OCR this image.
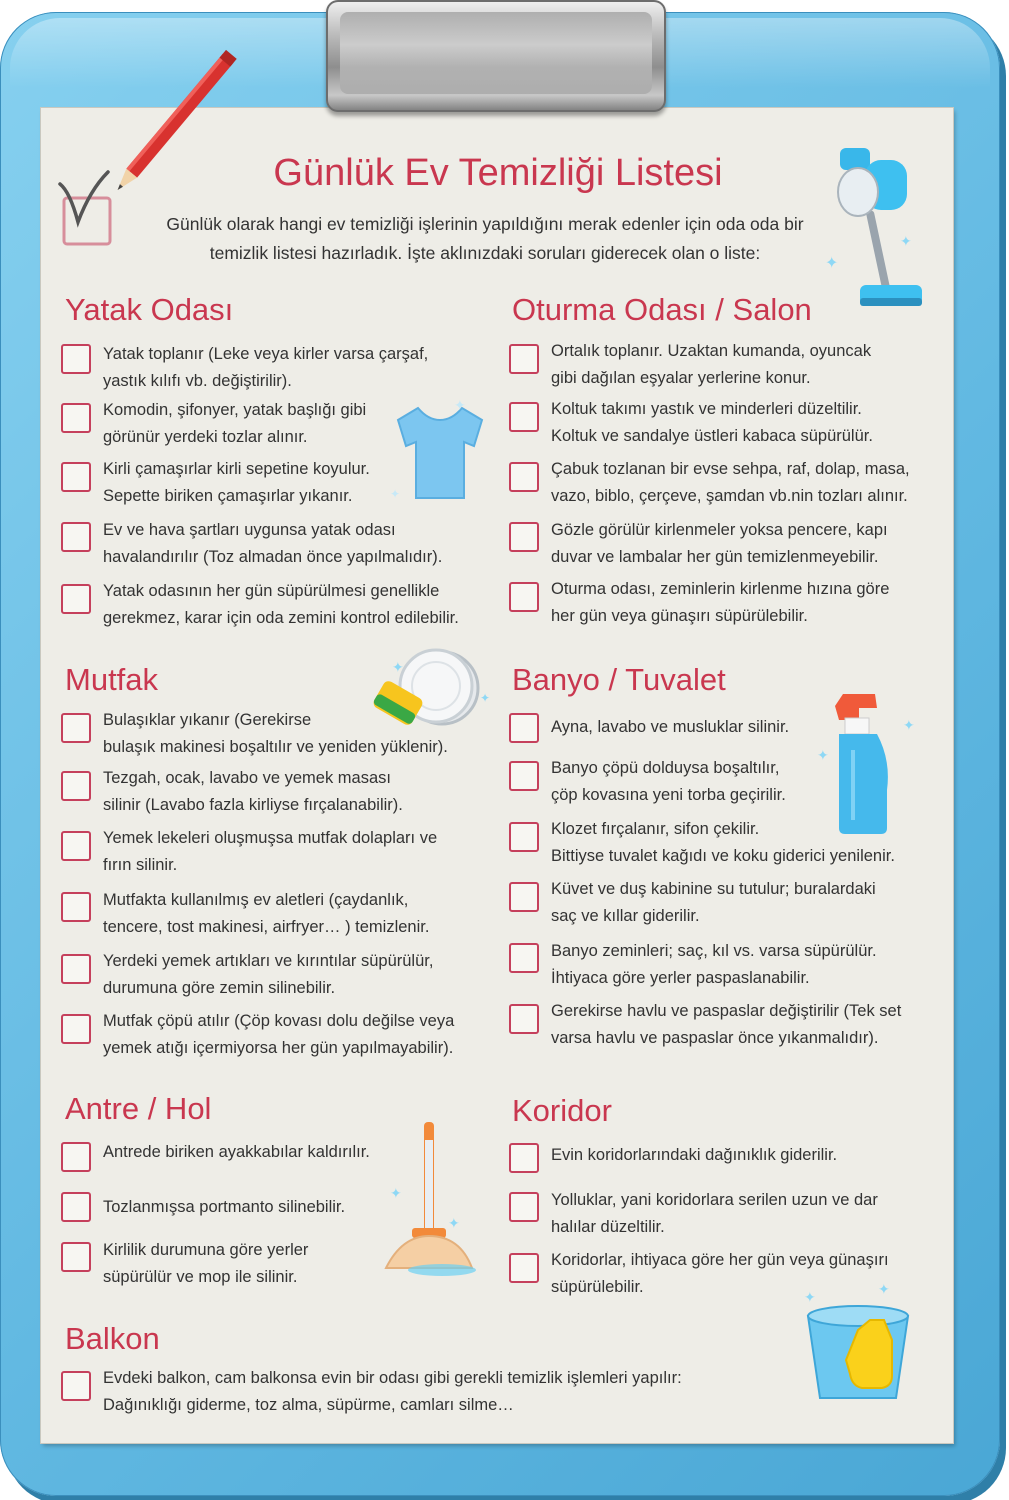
✦
✦
✦
✦
✦
✦
✦
✦
✦
✦
✦	✦
Günlük Ev Temizliği Listesi
Günlük olarak hangi ev temizliği işlerinin yapıldığını merak edenler için oda oda bir temizlik listesi hazırladık. İşte aklınızdaki soruları giderecek olan o liste:
Yatak Odası
Yatak toplanır (Leke veya kirler varsa çarşaf,
yastık kılıfı vb. değiştirilir).
Komodin, şifonyer, yatak başlığı gibi
görünür yerdeki tozlar alınır.
Kirli çamaşırlar kirli sepetine koyulur.
Sepette biriken çamaşırlar yıkanır.
Ev ve hava şartları uygunsa yatak odası
havalandırılır (Toz almadan önce yapılmalıdır).
Yatak odasının her gün süpürülmesi genellikle
gerekmez, karar için oda zemini kontrol edilebilir.
Oturma Odası / Salon
Ortalık toplanır. Uzaktan kumanda, oyuncak
gibi dağılan eşyalar yerlerine konur.
Koltuk takımı yastık ve minderleri düzeltilir.
Koltuk ve sandalye üstleri kabaca süpürülür.
Çabuk tozlanan bir evse sehpa, raf, dolap, masa,
vazo, biblo, çerçeve, şamdan vb.nin tozları alınır.
Gözle görülür kirlenmeler yoksa pencere, kapı
duvar ve lambalar her gün temizlenmeyebilir.
Oturma odası, zeminlerin kirlenme hızına göre
her gün veya günaşırı süpürülebilir.
Mutfak
Bulaşıklar yıkanır (Gerekirse
bulaşık makinesi boşaltılır ve yeniden yüklenir).
Tezgah, ocak, lavabo ve yemek masası
silinir (Lavabo fazla kirliyse fırçalanabilir).
Yemek lekeleri oluşmuşsa mutfak dolapları ve
fırın silinir.
Mutfakta kullanılmış ev aletleri (çaydanlık,
tencere, tost makinesi, airfryer… ) temizlenir.
Yerdeki yemek artıkları ve kırıntılar süpürülür,
durumuna göre zemin silinebilir.
Mutfak çöpü atılır (Çöp kovası dolu değilse veya
yemek atığı içermiyorsa her gün yapılmayabilir).
Banyo / Tuvalet
Ayna, lavabo ve musluklar silinir.
Banyo çöpü dolduysa boşaltılır,
çöp kovasına yeni torba geçirilir.
Klozet fırçalanır, sifon çekilir.
Bittiyse tuvalet kağıdı ve koku giderici yenilenir.
Küvet ve duş kabinine su tutulur; buralardaki
saç ve kıllar giderilir.
Banyo zeminleri; saç, kıl vs. varsa süpürülür.
İhtiyaca göre yerler paspaslanabilir.
Gerekirse havlu ve paspaslar değiştirilir (Tek set
varsa havlu ve paspaslar önce yıkanmalıdır).
Antre / Hol
Antrede biriken ayakkabılar kaldırılır.
Tozlanmışsa portmanto silinebilir.
Kirlilik durumuna göre yerler
süpürülür ve mop ile silinir.
Koridor
Evin koridorlarındaki dağınıklık giderilir.
Yolluklar, yani koridorlara serilen uzun ve dar
halılar düzeltilir.
Koridorlar, ihtiyaca göre her gün veya günaşırı
süpürülebilir.
Balkon
Evdeki balkon, cam balkonsa evin bir odası gibi gerekli temizlik işlemleri yapılır:
Dağınıklığı giderme, toz alma, süpürme, camları silme…
